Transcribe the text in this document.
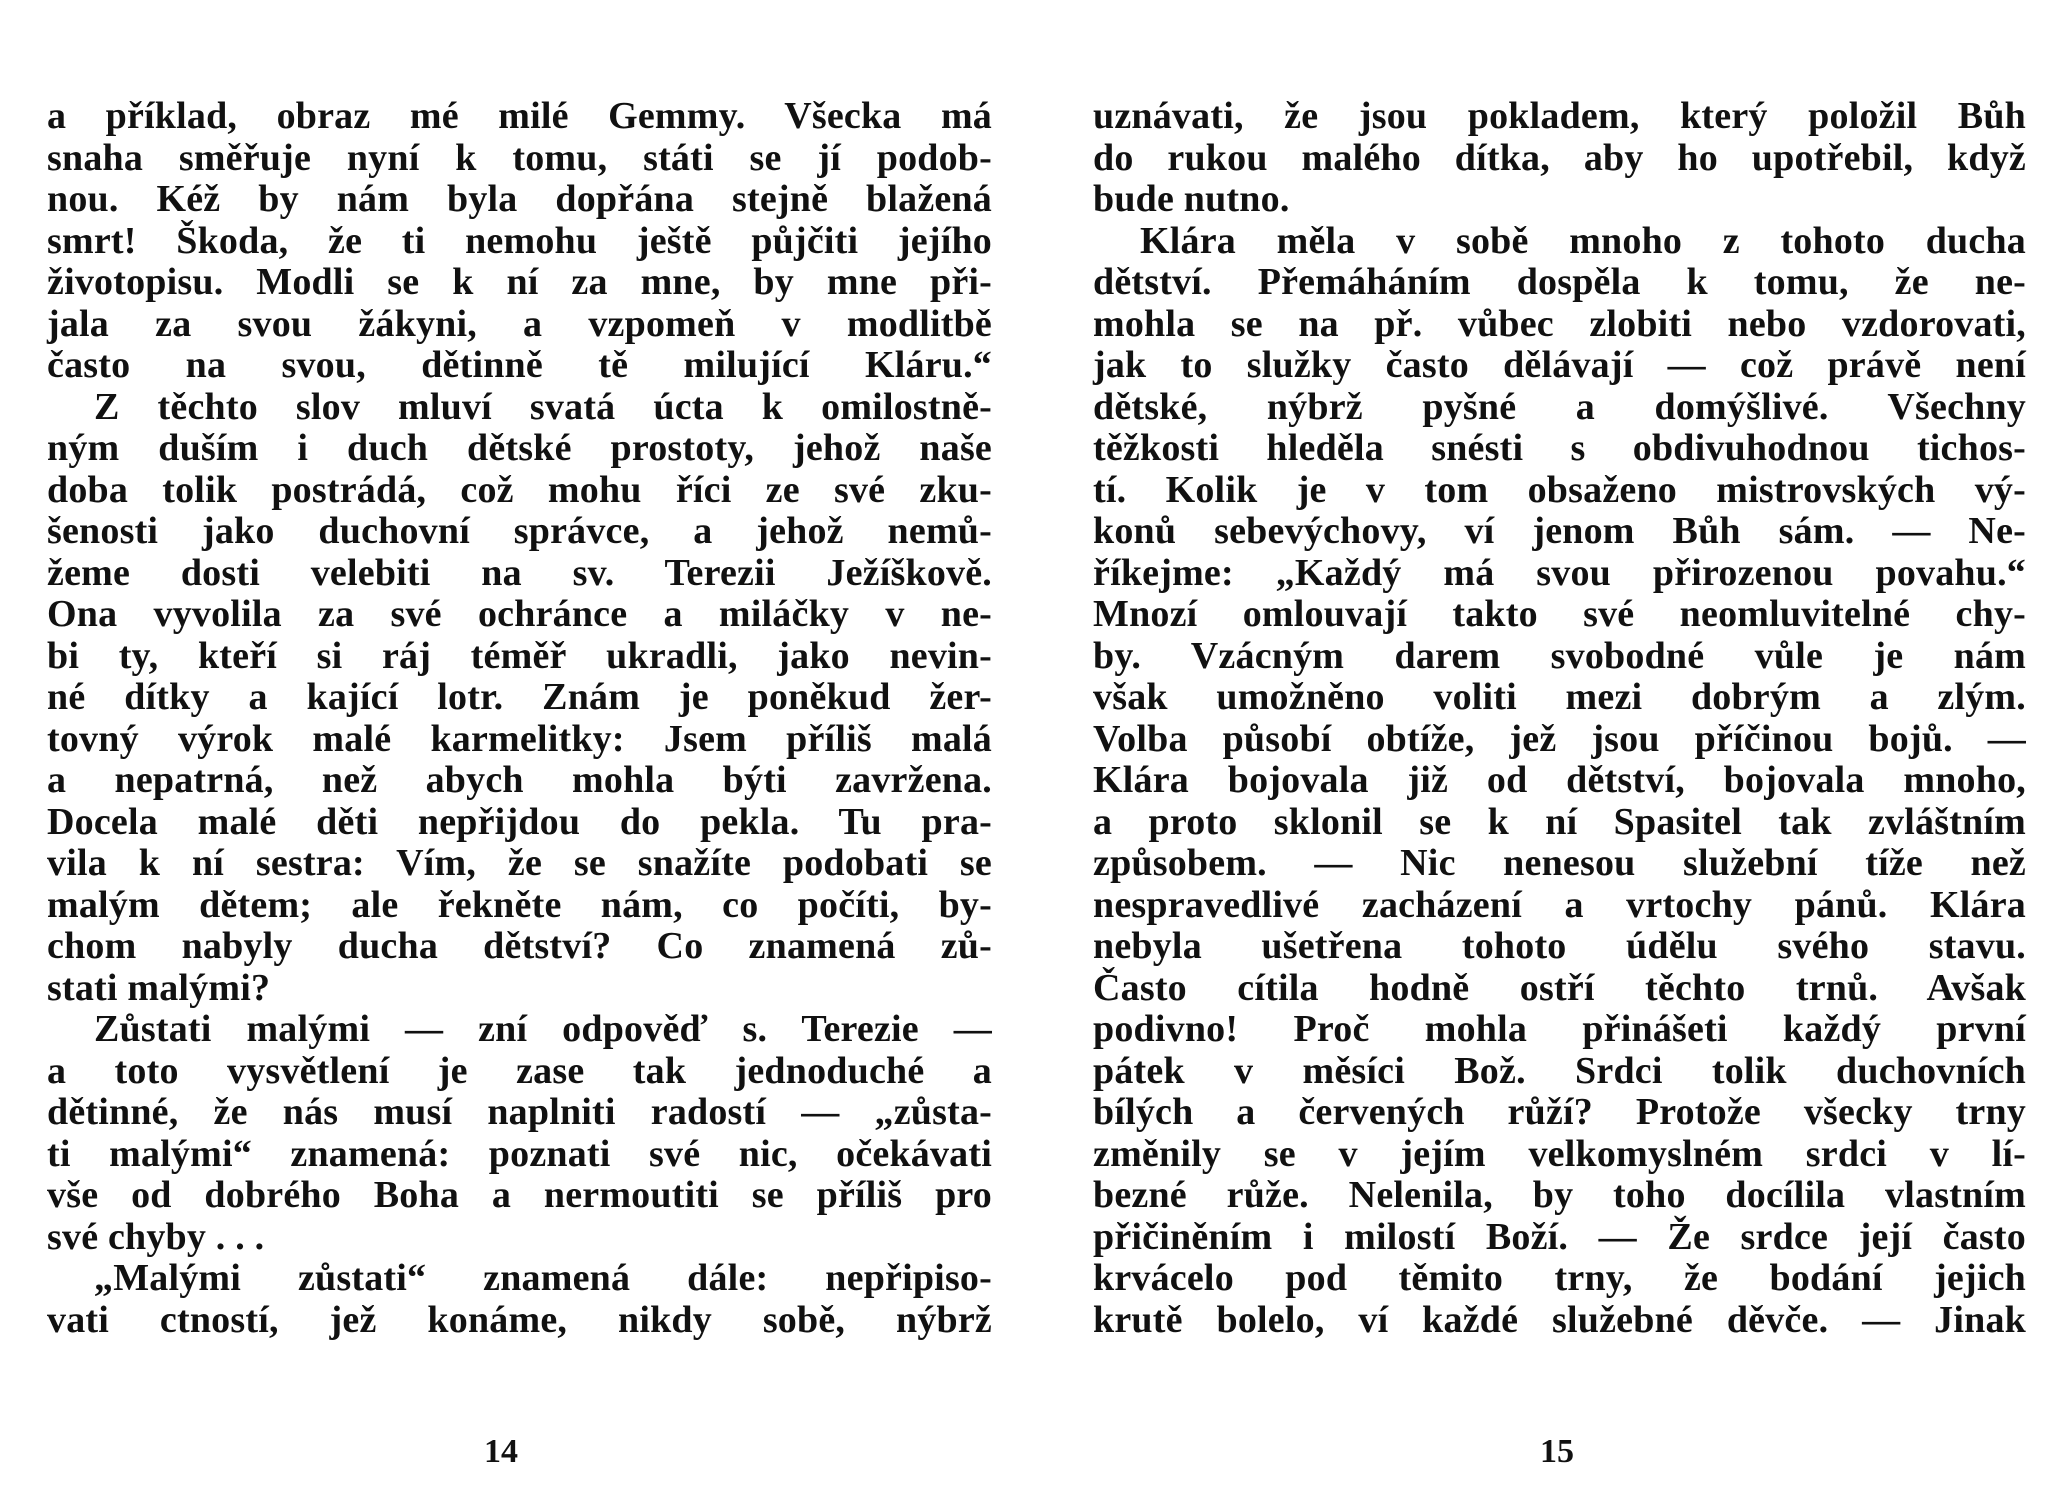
a příklad, obraz mé milé Gemmy. Všecka má
snaha směřuje nyní k tomu, státi se jí podob-
nou. Kéž by nám byla dopřána stejně blažená
smrt! Škoda, že ti nemohu ještě půjčiti jejího
životopisu. Modli se k ní za mne, by mne při-
jala za svou žákyni, a vzpomeň v modlitbě
často na svou, dětinně tě milující Kláru.“
Z těchto slov mluví svatá úcta k omilostně-
ným duším i duch dětské prostoty, jehož naše
doba tolik postrádá, což mohu říci ze své zku-
šenosti jako duchovní správce, a jehož nemů-
žeme dosti velebiti na sv. Terezii Ježíškově.
Ona vyvolila za své ochránce a miláčky v ne-
bi ty, kteří si ráj téměř ukradli, jako nevin-
né dítky a kající lotr. Znám je poněkud žer-
tovný výrok malé karmelitky: Jsem příliš malá
a nepatrná, než abych mohla býti zavržena.
Docela malé děti nepřijdou do pekla. Tu pra-
vila k ní sestra: Vím, že se snažíte podobati se
malým dětem; ale řekněte nám, co počíti, by-
chom nabyly ducha dětství? Co znamená zů-
stati malými?
Zůstati malými — zní odpověď s. Terezie —
a toto vysvětlení je zase tak jednoduché a
dětinné, že nás musí naplniti radostí — „zůsta-
ti malými“ znamená: poznati své nic, očekávati
vše od dobrého Boha a nermoutiti se příliš pro
své chyby . . .
„Malými zůstati“ znamená dále: nepřipiso-
vati ctností, jež konáme, nikdy sobě, nýbrž
uznávati, že jsou pokladem, který položil Bůh
do rukou malého dítka, aby ho upotřebil, když
bude nutno.
Klára měla v sobě mnoho z tohoto ducha
dětství. Přemáháním dospěla k tomu, že ne-
mohla se na př. vůbec zlobiti nebo vzdorovati,
jak to služky často dělávají — což právě není
dětské, nýbrž pyšné a domýšlivé. Všechny
těžkosti hleděla snésti s obdivuhodnou tichos-
tí. Kolik je v tom obsaženo mistrovských vý-
konů sebevýchovy, ví jenom Bůh sám. — Ne-
říkejme: „Každý má svou přirozenou povahu.“
Mnozí omlouvají takto své neomluvitelné chy-
by. Vzácným darem svobodné vůle je nám
však umožněno voliti mezi dobrým a zlým.
Volba působí obtíže, jež jsou příčinou bojů. —
Klára bojovala již od dětství, bojovala mnoho,
a proto sklonil se k ní Spasitel tak zvláštním
způsobem. — Nic nenesou služební tíže než
nespravedlivé zacházení a vrtochy pánů. Klára
nebyla ušetřena tohoto údělu svého stavu.
Často cítila hodně ostří těchto trnů. Avšak
podivno! Proč mohla přinášeti každý první
pátek v měsíci Bož. Srdci tolik duchovních
bílých a červených růží? Protože všecky trny
změnily se v jejím velkomyslném srdci v lí-
bezné růže. Nelenila, by toho docílila vlastním
přičiněním i milostí Boží. — Že srdce její často
krvácelo pod těmito trny, že bodání jejich
krutě bolelo, ví každé služebné děvče. — Jinak
14	15
